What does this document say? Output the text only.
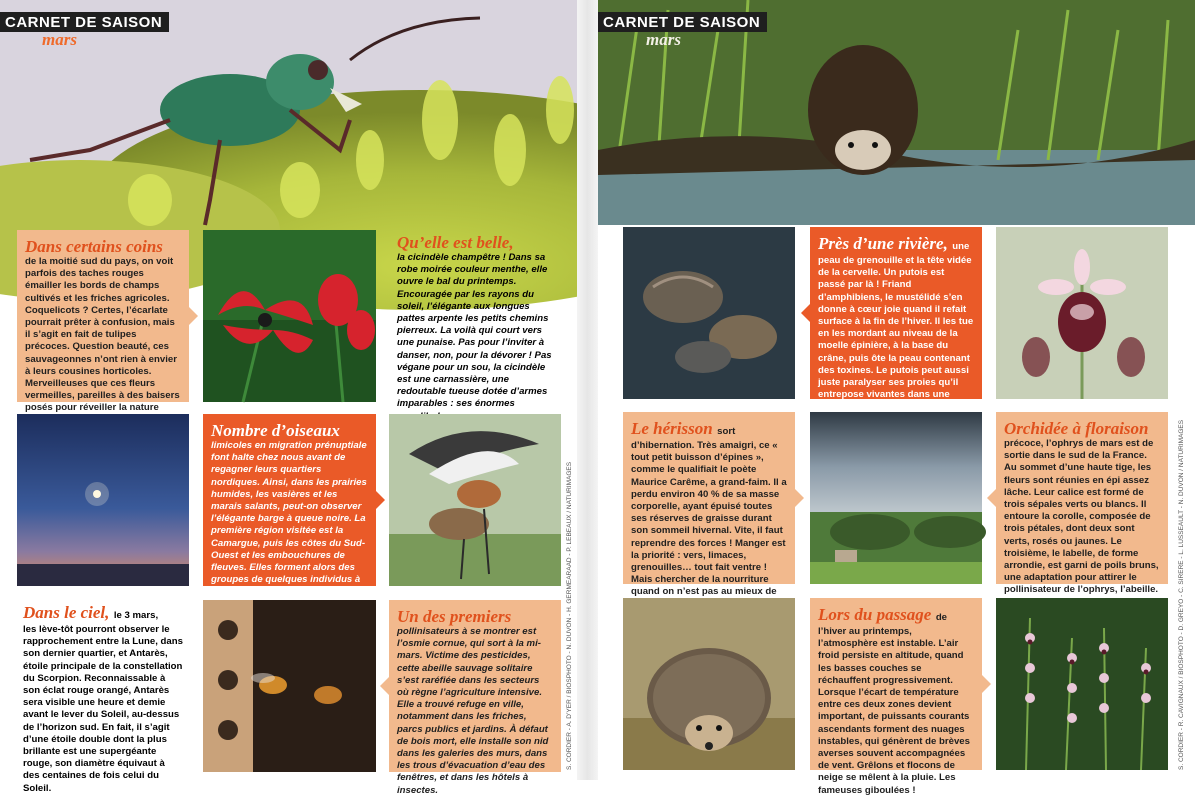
CARNET DE SAISON
mars
Dans certains coins
de la moitié sud du pays, on voit parfois des taches rouges émailler les bords de champs cultivés et les friches agricoles. Coquelicots ? Certes, l’écarlate pourrait prêter à confusion, mais il s’agit en fait de tulipes précoces. Question beauté, ces sauvageonnes n’ont rien à envier à leurs cousines horticoles. Merveilleuses que ces fleurs vermeilles, pareilles à des baisers posés pour réveiller la nature
Qu’elle est belle,
la cicindèle champêtre ! Dans sa robe moirée couleur menthe, elle ouvre le bal du printemps. Encouragée par les rayons du soleil, l’élégante aux longues pattes arpente les petits chemins pierreux. La voilà qui court vers une punaise. Pas pour l’inviter à danser, non, pour la dévorer ! Pas végane pour un sou, la cicindèle est une carnassière, une redoutable tueuse dotée d’armes imparables : ses énormes
Nombre d’oiseaux
limicoles en migration prénuptiale font halte chez nous avant de regagner leurs quartiers nordiques. Ainsi, dans les prairies humides, les vasières et les marais salants, peut-on observer l’élégante barge à queue noire. La première région visitée est la Camargue, puis les côtes du Sud-Ouest et les embouchures de fleuves. Elles forment alors des groupes de quelques individus à plusieurs milliers.
Dans le ciel, le 3 mars,
les lève-tôt pourront observer le rapprochement entre la Lune, dans son dernier quartier, et Antarès, étoile principale de la constellation du Scorpion. Reconnaissable à son éclat rouge orangé, Antarès sera visible une heure et demie avant le lever du Soleil, au-dessus de l’horizon sud. En fait, il s’agit d’une étoile double dont la plus brillante est une supergéante rouge, son diamètre équivaut à des centaines de fois celui du Soleil.
Un des premiers
pollinisateurs à se montrer est l’osmie cornue, qui sort à la mi-mars. Victime des pesticides, cette abeille sauvage solitaire s’est raréfiée dans les secteurs où règne l’agriculture intensive. Elle a trouvé refuge en ville, notamment dans les friches, parcs publics et jardins. À défaut de bois mort, elle installe son nid dans les galeries des murs, dans les trous d’évacuation d’eau des fenêtres, et dans les hôtels à insectes.
S. CORDIER - A. D’YER / BIOSPHOTO - N. DUVON - H. GERMEARAAD - P. LEBEAUX / NATURIMAGES
CARNET DE SAISON
mars
Près d’une rivière, une
peau de grenouille et la tête vidée de la cervelle. Un putois est passé par là ! Friand d’amphibiens, le mustélidé s’en donne à cœur joie quand il refait surface à la fin de l’hiver. Il les tue en les mordant au niveau de la moelle épinière, à la base du crâne, puis ôte la peau contenant des toxines. Le putois peut aussi juste paralyser ses proies qu’il entrepose vivantes dans une cache, appelée « carnage », pour
Le hérisson sort
d’hibernation. Très amaigri, ce « tout petit buisson d’épines », comme le qualifiait le poète Maurice Carême, a grand-faim. Il a perdu environ 40 % de sa masse corporelle, ayant épuisé toutes ses réserves de graisse durant son sommeil hivernal. Vite, il faut reprendre des forces ! Manger est la priorité : vers, limaces, grenouilles… tout fait ventre ! Mais chercher de la nourriture quand on n’est pas au mieux de
Orchidée à floraison
précoce, l’ophrys de mars est de sortie dans le sud de la France. Au sommet d’une haute tige, les fleurs sont réunies en épi assez lâche. Leur calice est formé de trois sépales verts ou blancs. Il entoure la corolle, composée de trois pétales, dont deux sont verts, rosés ou jaunes. Le troisième, le labelle, de forme arrondie, est garni de poils bruns, une adaptation pour attirer le pollinisateur de l’ophrys, l’abeille.
Lors du passage de
l’hiver au printemps, l’atmosphère est instable. L’air froid persiste en altitude, quand les basses couches se réchauffent progressivement. Lorsque l’écart de température entre ces deux zones devient important, de puissants courants ascendants forment des nuages instables, qui génèrent de brèves averses souvent accompagnées de vent. Grêlons et flocons de neige se mêlent à la pluie. Les fameuses giboulées !
S. CORDIER - R. CAVIGNAUX / BIOSPHOTO - D. GREYO - C. SIRERE - L. LUSSEAULT - N. DUVON / NATURIMAGES
